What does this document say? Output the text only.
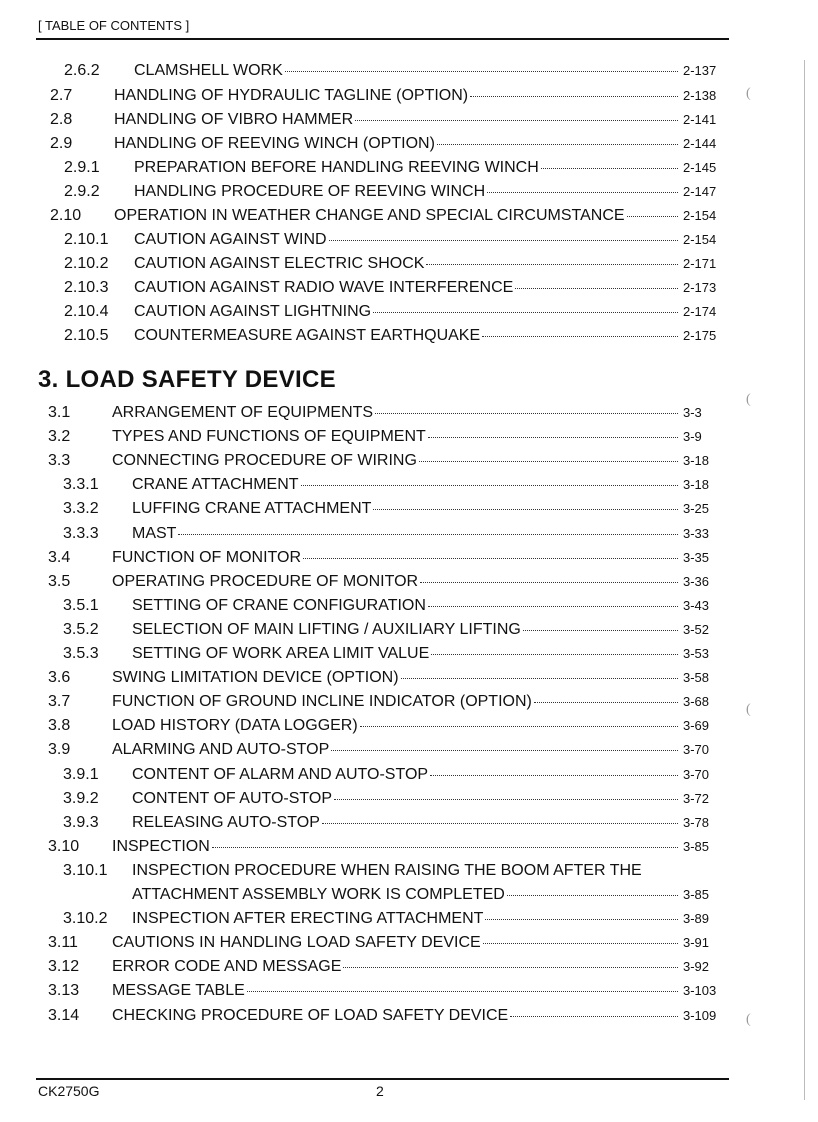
[ TABLE OF CONTENTS ]
2.6.2 CLAMSHELL WORK	2-137
2.7	HANDLING OF HYDRAULIC TAGLINE (OPTION)	2-138
2.8	HANDLING OF VIBRO HAMMER	2-141
2.9	HANDLING OF REEVING WINCH (OPTION)	2-144
2.9.1 PREPARATION BEFORE HANDLING REEVING WINCH	2-145
2.9.2 HANDLING PROCEDURE OF REEVING WINCH	2-147
2.10 OPERATION IN WEATHER CHANGE AND SPECIAL CIRCUMSTANCE	2-154
2.10.1 CAUTION AGAINST WIND	2-154
2.10.2 CAUTION AGAINST ELECTRIC SHOCK	2-171
2.10.3 CAUTION AGAINST RADIO WAVE INTERFERENCE	2-173
2.10.4 CAUTION AGAINST LIGHTNING	2-174
2.10.5 COUNTERMEASURE AGAINST EARTHQUAKE	2-175
3. LOAD SAFETY DEVICE
3.1	ARRANGEMENT OF EQUIPMENTS	3-3
3.2	TYPES AND FUNCTIONS OF EQUIPMENT	3-9
3.3	CONNECTING PROCEDURE OF WIRING	3-18
3.3.1 CRANE ATTACHMENT	3-18
3.3.2 LUFFING CRANE ATTACHMENT	3-25
3.3.3 MAST	3-33
3.4	FUNCTION OF MONITOR	3-35
3.5	OPERATING PROCEDURE OF MONITOR	3-36
3.5.1 SETTING OF CRANE CONFIGURATION	3-43
3.5.2 SELECTION OF MAIN LIFTING / AUXILIARY LIFTING	3-52
3.5.3 SETTING OF WORK AREA LIMIT VALUE	3-53
3.6	SWING LIMITATION DEVICE (OPTION)	3-58
3.7	FUNCTION OF GROUND INCLINE INDICATOR (OPTION)	3-68
3.8	LOAD HISTORY (DATA LOGGER)	3-69
3.9	ALARMING AND AUTO-STOP	3-70
3.9.1 CONTENT OF ALARM AND AUTO-STOP	3-70
3.9.2 CONTENT OF AUTO-STOP	3-72
3.9.3 RELEASING AUTO-STOP	3-78
3.10 INSPECTION	3-85
3.10.1 INSPECTION PROCEDURE WHEN RAISING THE BOOM AFTER THE
ATTACHMENT ASSEMBLY WORK IS COMPLETED	3-85
3.10.2 INSPECTION AFTER ERECTING ATTACHMENT	3-89
3.11 CAUTIONS IN HANDLING LOAD SAFETY DEVICE	3-91
3.12 ERROR CODE AND MESSAGE	3-92
3.13 MESSAGE TABLE	3-103
3.14 CHECKING PROCEDURE OF LOAD SAFETY DEVICE	3-109
CK2750G	2
(
(
(
(
